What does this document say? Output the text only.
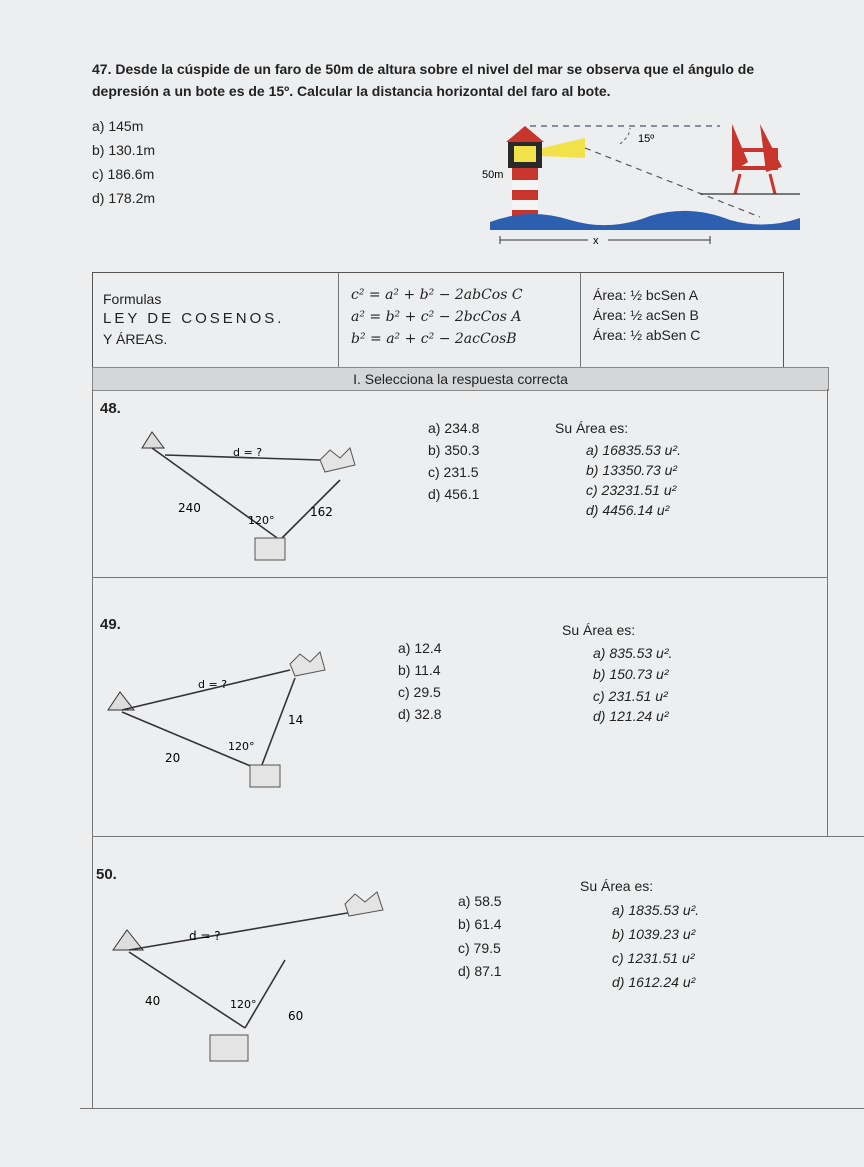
47. Desde la cúspide de un faro de 50m de altura sobre el nivel del mar se observa que el ángulo de
depresión a un bote es de 15º. Calcular la distancia horizontal del faro al bote.
a) 145m
b) 130.1m
c) 186.6m
d) 178.2m
15º
50m
x
Formulas
LEY DE COSENOS.
Y ÁREAS.
c² = a² + b² − 2abCos C
a² = b² + c² − 2bcCos A
b² = a² + c² − 2acCosB
Área: ½ bcSen A
Área: ½ acSen B
Área: ½ abSen C
I. Selecciona la respuesta correcta
48.
d = ?
240	162
120°
a) 234.8
b) 350.3
c) 231.5
d) 456.1
Su Área es:
a) 16835.53 u².
b) 13350.73 u²
c) 23231.51 u²
d) 4456.14 u²
49.
d = ?
20
14
120°
a) 12.4
b) 11.4
c) 29.5
d) 32.8
Su Área es:
a) 835.53 u².
b) 150.73 u²
c) 231.51 u²
d) 121.24 u²
50.
d = ?
40
60
120°
a) 58.5
b) 61.4
c) 79.5
d) 87.1
Su Área es:
a) 1835.53 u².
b) 1039.23 u²
c) 1231.51 u²
d) 1612.24 u²
